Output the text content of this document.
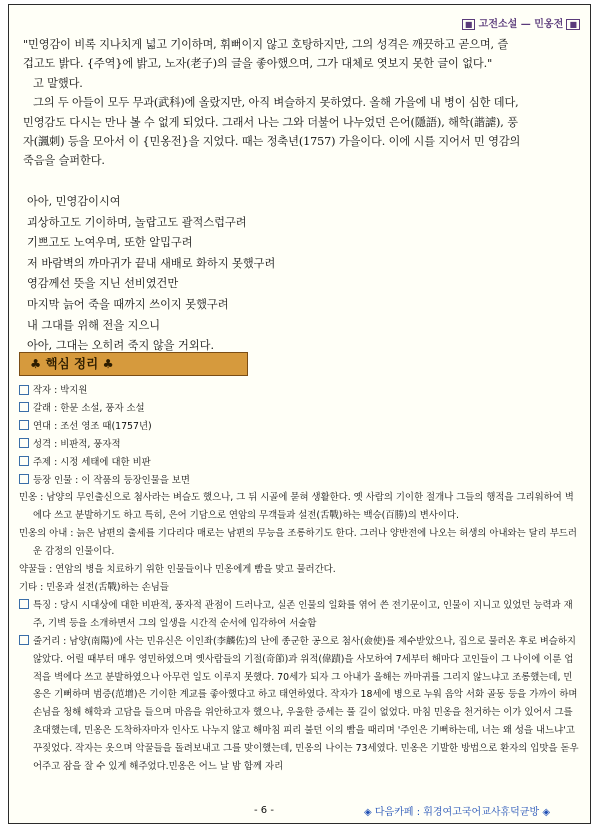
■ 고전소설 — 민옹전 ■

"민영감이 비록 지나치게 넓고 기이하며, 휘뻐이지 않고 호탕하지만, 그의 성격은 깨끗하고 곧으며, 즐

겁고도 밝다. {주역}에 밝고, 노자(老子)의 글을 좋아했으며, 그가 대체로 엿보지 못한 글이 없다."

고 말했다.

그의 두 아들이 모두 무과(武科)에 올랐지만, 아직 벼슬하지 못하였다. 올해 가을에 내 병이 심한 데다,

민영감도 다시는 만나 볼 수 없게 되었다. 그래서 나는 그와 더불어 나누었던 은어(隱語), 해학(諧謔), 풍

자(諷刺) 등을 모아서 이 {민옹전}을 지었다. 때는 정축년(1757) 가을이다. 이에 시를 지어서 민 영감의

죽음을 슬퍼한다.

아아, 민영감이시여
괴상하고도 기이하며, 놀랍고도 괄적스럽구려
기쁘고도 노여우며, 또한 알밉구려
저 바람벽의 까마귀가 끝내 새배로 화하지 못했구려
영감께선 뜻을 지닌 선비였건만
마지막 늙어 죽을 때까지 쓰이지 못했구려
내 그대를 위해 전을 지으니
아아, 그대는 오히려 죽지 않을 거외다.
♣ 핵심 정리 ♣
작자 : 박지원
갈래 : 한문 소설, 풍자 소설
연대 : 조선 영조 때(1757년)
성격 : 비판적, 풍자적
주제 : 시정 세태에 대한 비판
등장 인물 : 이 작품의 등장인물을 보면
민옹 : 남양의 무인출신으로 첨사라는 벼슬도 했으나, 그 뒤 시골에 묻혀 생활한다. 옛 사람의 기이한 절개나 그들의 행적을 그리워하여 벽에다 쓰고 분발하기도 하고 특히, 은어 기담으로 연암의 무객들과 설전(舌戰)하는 백승(百勝)의 변사이다.
민옹의 아내 : 늙은 남편의 출세를 기다리다 매로는 남편의 무능을 조롱하기도 한다. 그러나 양반전에 나오는 허생의 아내와는 달리 부드러운 감정의 인물이다.
약꿀들 : 연암의 병을 치료하기 위한 인물들이나 민옹에게 빰을 맞고 물러간다.
기타 : 민옹과 설전(舌戰)하는 손님들
특징 : 당시 시대상에 대한 비판적, 풍자적 관점이 드러나고, 실존 인물의 일화를 엮어 쓴 전기문이고, 인물이 지니고 있었던 능력과 재주, 기벽 등을 소개하면서 그의 일생을 시간적 순서에 입각하여 서술함
줄거리 : 남양(南陽)에 사는 민유신은 이인좌(李麟佐)의 난에 종군한 공으로 첨사(僉使)를 제수받았으나, 집으로 물러온 후로 벼슬하지 않았다. 어릴 때부터 매우 영민하였으며 옛사람들의 기절(奇節)과 위적(偉蹟)을 사모하여 7세부터 해마다 고인들이 그 나이에 이룬 업적을 벽에다 쓰고 분발하였으나 아무런 일도 이루지 못했다. 70세가 되자 그 아내가 올해는 까마귀를 그리지 않느냐고 조롱했는데, 민옹은 기뻐하며 범증(范增)은 기이한 계교를 좋아했다고 하고 태연하였다. 작자가 18세에 병으로 누워 음악 서화 골동 등을 가까이 하며 손님을 청해 해학과 고담을 들으며 마음을 위안하고자 했으나, 우울한 증세는 풀 길이 없었다. 마침 민옹을 천거하는 이가 있어서 그를 초대했는데, 민옹은 도착하자마자 인사도 나누지 않고 해마침 피리 불던 이의 빰을 때리며 '주인은 기뻐하는데, 너는 왜 성을 내느냐'고 꾸짖었다. 작자는 옷으며 악꿀들을 돌려보내고 그를 맞이했는데, 민옹의 나이는 73세였다. 민옹은 기발한 방법으로 환자의 입맛을 돋우어주고 잠을 잘 수 있게 해주었다.민옹은 어느 날 밤 함께 자리
- 6 -	◈ 다음카페 : 휘경여고국어교사휴덕균방 ◈
